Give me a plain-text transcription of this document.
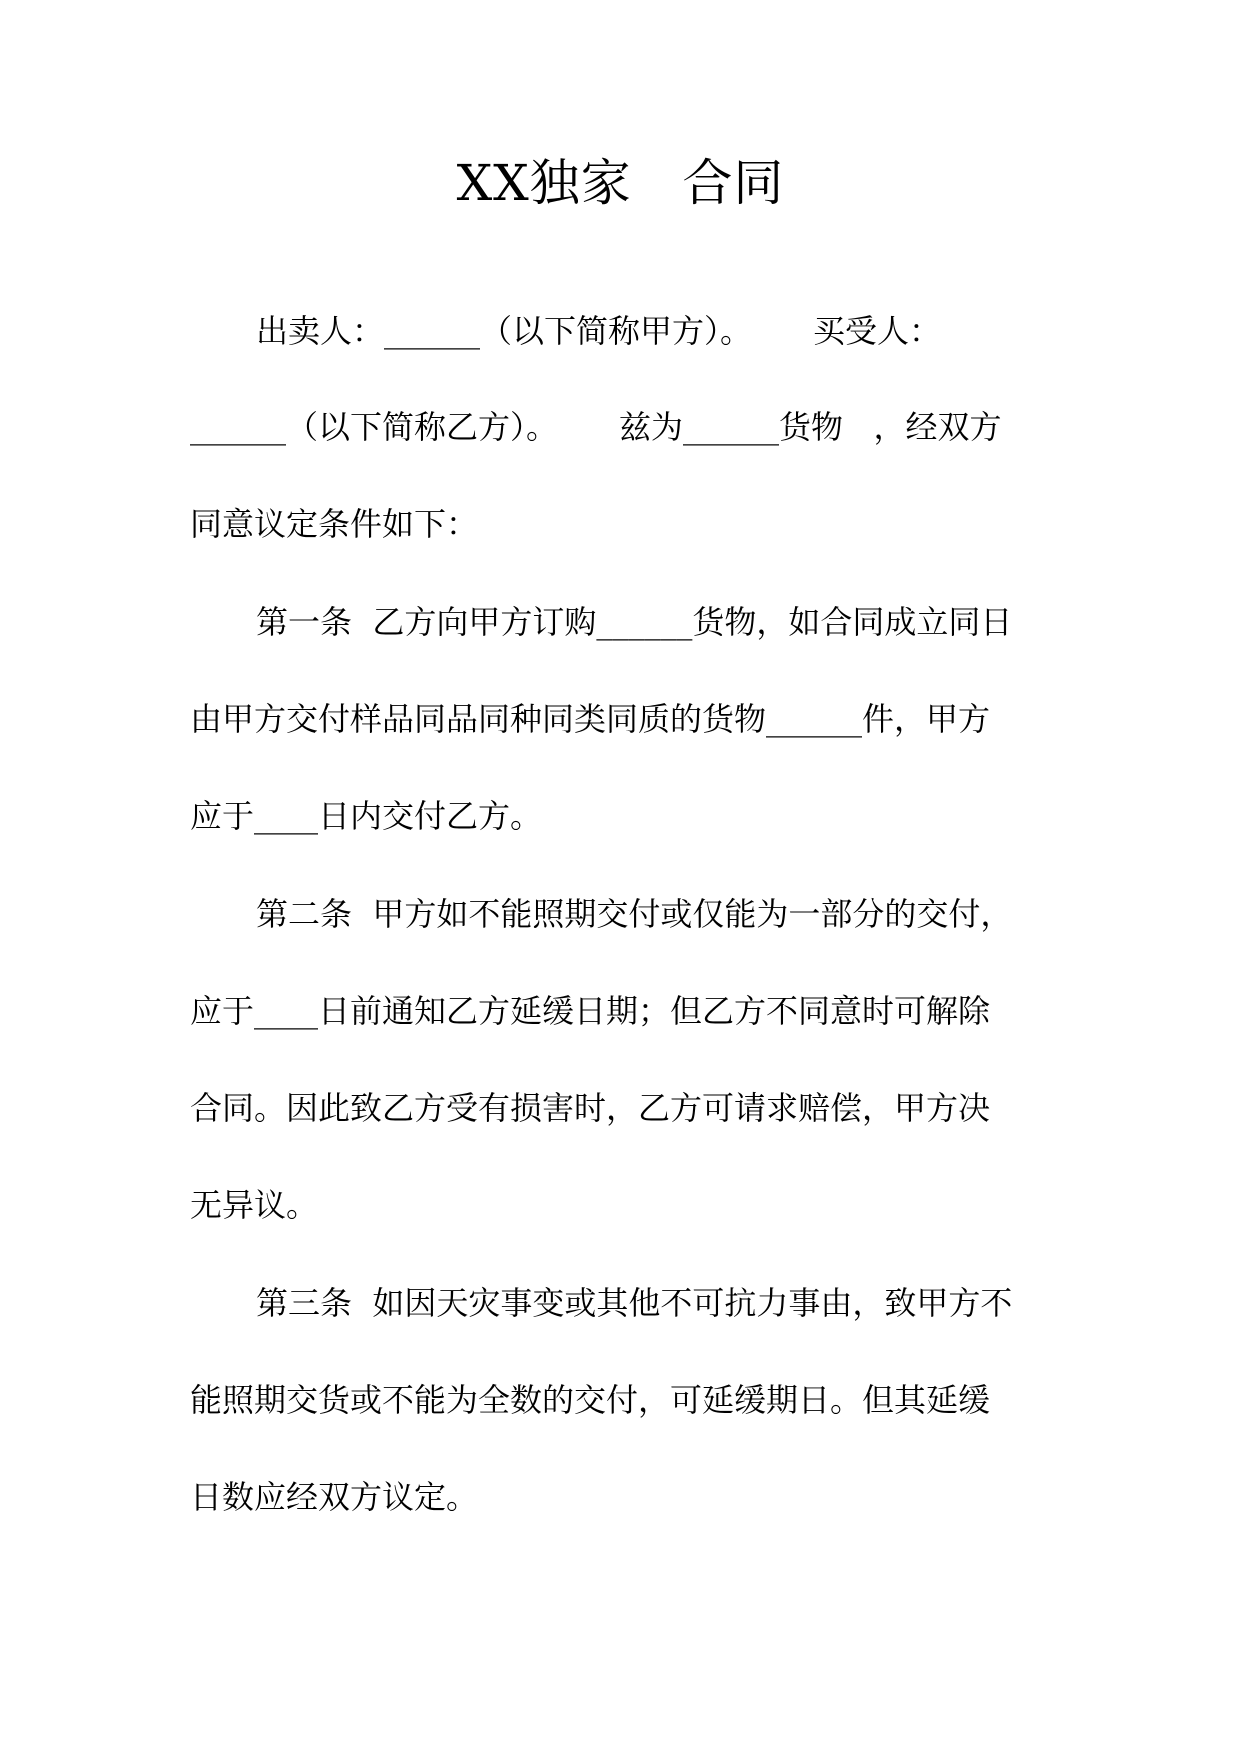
XX独家   合同
出卖人：______（以下简称甲方）。      买受人：
______（以下简称乙方）。      兹为______货物   ，经双方
同意议定条件如下：
第一条  乙方向甲方订购______货物，如合同成立同日
由甲方交付样品同品同种同类同质的货物______件，甲方
应于____日内交付乙方。
第二条  甲方如不能照期交付或仅能为一部分的交付，
应于____日前通知乙方延缓日期；但乙方不同意时可解除
合同。因此致乙方受有损害时，乙方可请求赔偿，甲方决
无异议。
第三条  如因天灾事变或其他不可抗力事由，致甲方不
能照期交货或不能为全数的交付，可延缓期日。但其延缓
日数应经双方议定。
